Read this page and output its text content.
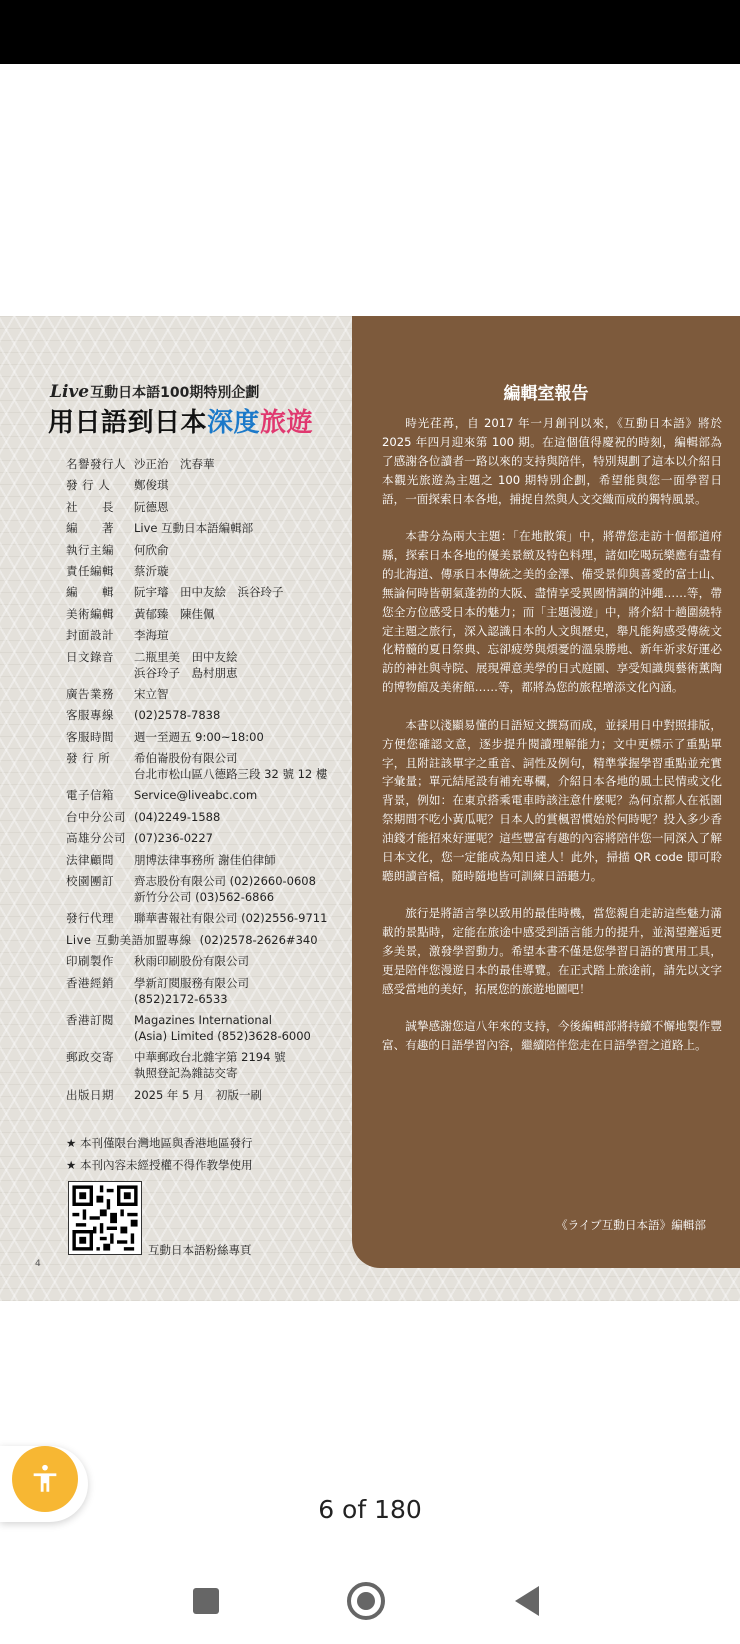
Live互動日本語100期特別企劃
用日語到日本深度旅遊
名譽發行人 沙正治　沈春華
發 行 人	鄭俊琪
社　　長	阮德恩
編　　著	Live 互動日本語編輯部
執行主編	何欣俞
責任編輯	蔡沂璇
編　　輯	阮宇璿　田中友絵　浜谷玲子
美術編輯	黃郁臻　陳佳佩
封面設計	李海瑄
日文錄音	二瓶里美　田中友絵
浜谷玲子　島村朋恵
廣告業務	宋立智
客服專線	(02)2578-7838
客服時間	週一至週五 9:00~18:00
發 行 所	希伯崙股份有限公司
台北市松山區八德路三段 32 號 12 樓
電子信箱	Service@liveabc.com
台中分公司 (04)2249-1588
高雄分公司 (07)236-0227
法律顧問	朋博法律事務所 謝佳伯律師
校園團訂	齊志股份有限公司 (02)2660-0608
新竹分公司 (03)562-6866
發行代理	聯華書報社有限公司 (02)2556-9711
Live 互動美語加盟專線 (02)2578-2626#340
印刷製作	秋雨印刷股份有限公司
香港經銷	學新訂閱服務有限公司
(852)2172-6533
香港訂閱	Magazines International
(Asia) Limited (852)3628-6000
郵政交寄	中華郵政台北雜字第 2194 號
執照登記為雜誌交寄
出版日期	2025 年 5 月　初版一刷
★ 本刊僅限台灣地區與香港地區發行
★ 本刊內容未經授權不得作教學使用
互動日本語粉絲專頁
4
編輯室報告

時光荏苒，自 2017 年一月創刊以來，《互動日本語》將於 2025 年四月迎來第 100 期。在這個值得慶祝的時刻，編輯部為了感謝各位讀者一路以來的支持與陪伴，特別規劃了這本以介紹日本觀光旅遊為主題之 100 期特別企劃，希望能與您一面學習日語，一面探索日本各地，捕捉自然與人文交織而成的獨特風景。

本書分為兩大主題：「在地散策」中，將帶您走訪十個都道府縣，探索日本各地的優美景緻及特色料理，諸如吃喝玩樂應有盡有的北海道、傳承日本傳統之美的金澤、備受景仰與喜愛的富士山、無論何時皆朝氣蓬勃的大阪、盡情享受異國情調的沖繩……等，帶您全方位感受日本的魅力；而「主題漫遊」中，將介紹十趟圍繞特定主題之旅行，深入認識日本的人文與歷史，舉凡能夠感受傳統文化精髓的夏日祭典、忘卻疲勞與煩憂的溫泉勝地、新年祈求好運必訪的神社與寺院、展現禪意美學的日式庭園、享受知識與藝術薰陶的博物館及美術館……等，都將為您的旅程增添文化內涵。

本書以淺顯易懂的日語短文撰寫而成，並採用日中對照排版，方便您確認文意，逐步提升閱讀理解能力；文中更標示了重點單字，且附註該單字之重音、詞性及例句，精準掌握學習重點並充實字彙量；單元結尾設有補充專欄，介紹日本各地的風土民情或文化背景，例如：在東京搭乘電車時該注意什麼呢？為何京都人在祇園祭期間不吃小黃瓜呢？日本人的賞楓習慣始於何時呢？投入多少香油錢才能招來好運呢？這些豐富有趣的內容將陪伴您一同深入了解日本文化，您一定能成為知日達人！此外，掃描 QR code 即可聆聽朗讀音檔，隨時隨地皆可訓練日語聽力。

旅行是將語言學以致用的最佳時機，當您親自走訪這些魅力滿載的景點時，定能在旅途中感受到語言能力的提升，並渴望邂逅更多美景，激發學習動力。希望本書不僅是您學習日語的實用工具，更是陪伴您漫遊日本的最佳導覽。在正式踏上旅途前，請先以文字感受當地的美好，拓展您的旅遊地圖吧！

誠摯感謝您這八年來的支持，今後編輯部將持續不懈地製作豐富、有趣的日語學習內容，繼續陪伴您走在日語學習之道路上。

《ライブ互動日本語》編輯部
6 of 180
